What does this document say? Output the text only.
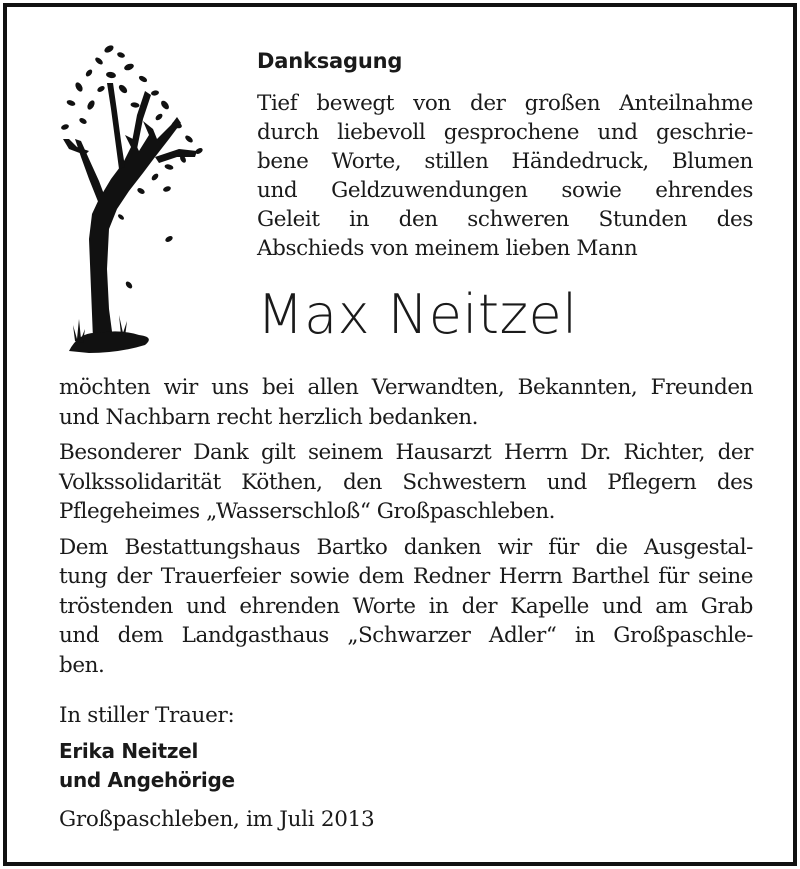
Danksagung
Tief bewegt von der großen Anteilnahme
durch liebevoll gesprochene und geschrie-
bene Worte, stillen Händedruck, Blumen
und Geldzuwendungen sowie ehrendes
Geleit in den schweren Stunden des
Abschieds von meinem lieben Mann
Max Neitzel

möchten wir uns bei allen Verwandten, Bekannten, Freunden
und Nachbarn recht herzlich bedanken.

Besonderer Dank gilt seinem Hausarzt Herrn Dr. Richter, der
Volkssolidarität Köthen, den Schwestern und Pflegern des
Pflegeheimes „Wasserschloß“ Großpaschleben.

Dem Bestattungshaus Bartko danken wir für die Ausgestal-
tung der Trauerfeier sowie dem Redner Herrn Barthel für seine
tröstenden und ehrenden Worte in der Kapelle und am Grab
und dem Landgasthaus „Schwarzer Adler“ in Großpaschle-
ben.

In stiller Trauer:
Erika Neitzel
und Angehörige
Großpaschleben, im Juli 2013
